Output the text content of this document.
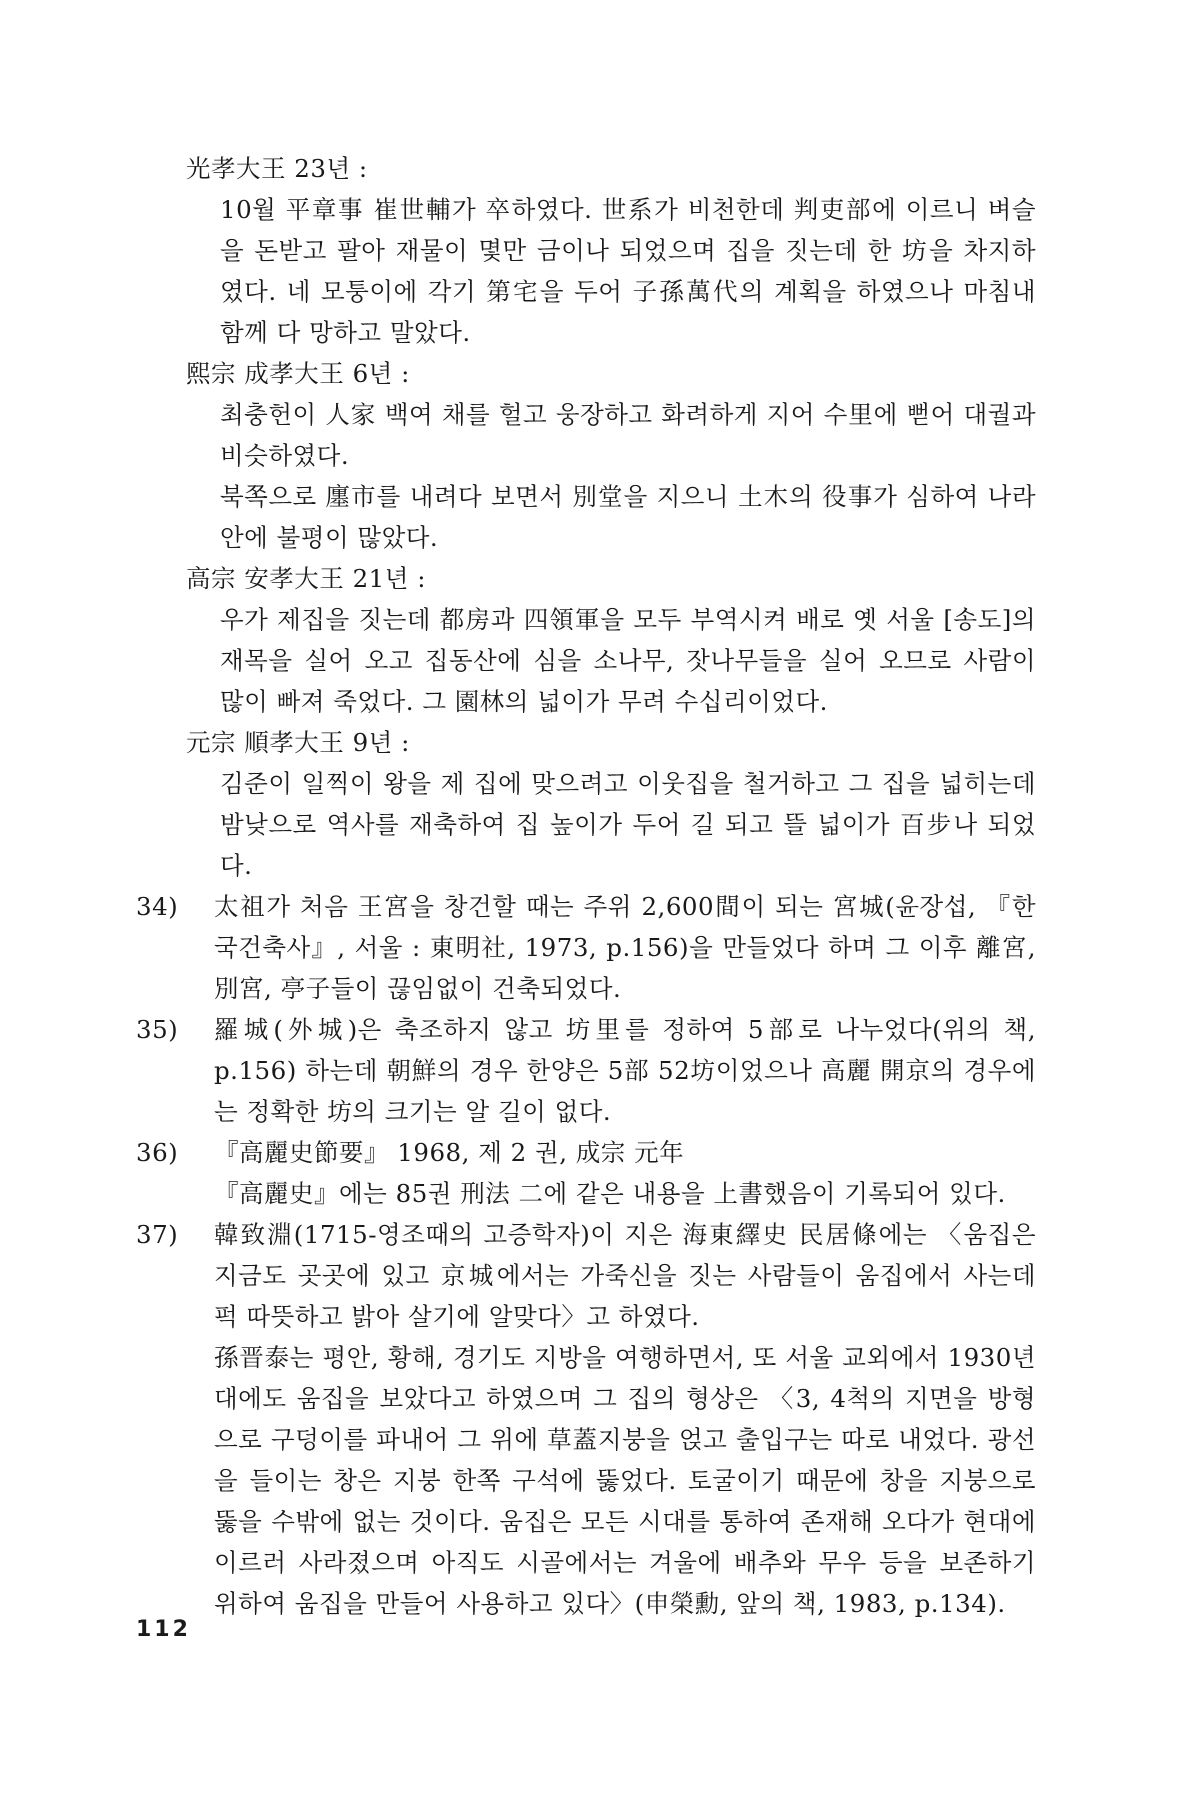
光孝大王 23년 :
10월 平章事 崔世輔가 卒하였다. 世系가 비천한데 判吏部에 이르니 벼슬을 돈받고 팔아 재물이 몇만 금이나 되었으며 집을 짓는데 한 坊을 차지하였다. 네 모퉁이에 각기 第宅을 두어 子孫萬代의 계획을 하였으나 마침내 함께 다 망하고 말았다.
熙宗 成孝大王 6년 :
최충헌이 人家 백여 채를 헐고 웅장하고 화려하게 지어 수里에 뻗어 대궐과 비슷하였다.
북쪽으로 廛市를 내려다 보면서 別堂을 지으니 土木의 役事가 심하여 나라 안에 불평이 많았다.
高宗 安孝大王 21년 :
우가 제집을 짓는데 都房과 四領軍을 모두 부역시켜 배로 옛 서울 [송도]의 재목을 실어 오고 집동산에 심을 소나무, 잣나무들을 실어 오므로 사람이 많이 빠져 죽었다. 그 園林의 넓이가 무려 수십리이었다.
元宗 順孝大王 9년 :
김준이 일찍이 왕을 제 집에 맞으려고 이웃집을 철거하고 그 집을 넓히는데 밤낮으로 역사를 재축하여 집 높이가 두어 길 되고 뜰 넓이가 百步나 되었다.
34)	太祖가 처음 王宮을 창건할 때는 주위 2,600間이 되는 宮城(윤장섭, 『한국건축사』, 서울 : 東明社, 1973, p.156)을 만들었다 하며 그 이후 離宮, 別宮, 亭子들이 끊임없이 건축되었다.
35)	羅城(外城)은 축조하지 않고 坊里를 정하여 5部로 나누었다(위의 책, p.156) 하는데 朝鮮의 경우 한양은 5部 52坊이었으나 高麗 開京의 경우에는 정확한 坊의 크기는 알 길이 없다.
36)	『高麗史節要』 1968, 제 2 권, 成宗 元年
『高麗史』에는 85권 刑法 二에 같은 내용을 上書했음이 기록되어 있다.
37)	韓致淵(1715-영조때의 고증학자)이 지은 海東繹史 民居條에는 〈움집은 지금도 곳곳에 있고 京城에서는 가죽신을 짓는 사람들이 움집에서 사는데 퍽 따뜻하고 밝아 살기에 알맞다〉고 하였다.
孫晋泰는 평안, 황해, 경기도 지방을 여행하면서, 또 서울 교외에서 1930년대에도 움집을 보았다고 하였으며 그 집의 형상은 〈3, 4척의 지면을 방형으로 구덩이를 파내어 그 위에 草蓋지붕을 얹고 출입구는 따로 내었다. 광선을 들이는 창은 지붕 한쪽 구석에 뚫었다. 토굴이기 때문에 창을 지붕으로 뚫을 수밖에 없는 것이다. 움집은 모든 시대를 통하여 존재해 오다가 현대에 이르러 사라졌으며 아직도 시골에서는 겨울에 배추와 무우 등을 보존하기 위하여 움집을 만들어 사용하고 있다〉(申榮勳, 앞의 책, 1983, p.134).
112
